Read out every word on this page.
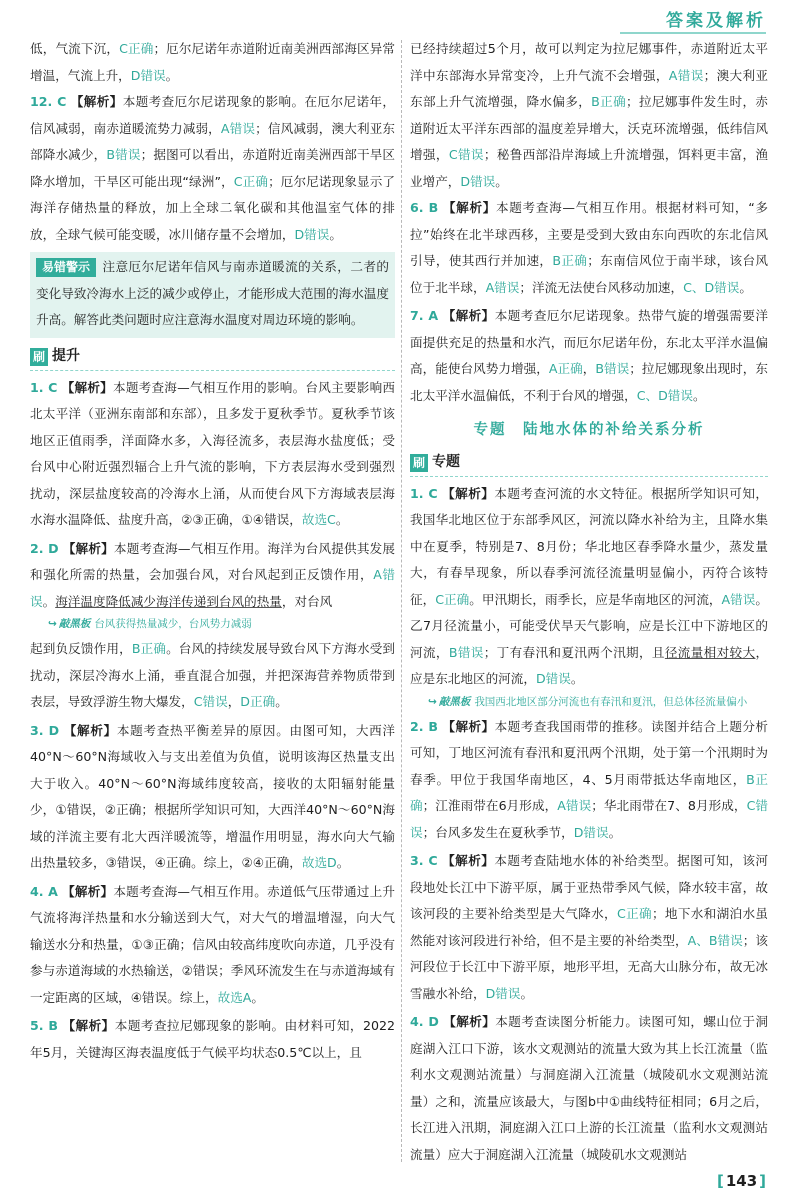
答案及解析

低，气流下沉，C正确；厄尔尼诺年赤道附近南美洲西部海区异常增温，气流上升，D错误。

12. C 【解析】本题考查厄尔尼诺现象的影响。在厄尔尼诺年，信风减弱，南赤道暖流势力减弱，A错误；信风减弱，澳大利亚东部降水减少，B错误；据图可以看出，赤道附近南美洲西部干旱区降水增加，干旱区可能出现“绿洲”，C正确；厄尔尼诺现象显示了海洋存储热量的释放，加上全球二氧化碳和其他温室气体的排放，全球气候可能变暖，冰川储存量不会增加，D错误。

易错警示 注意厄尔尼诺年信风与南赤道暖流的关系，二者的变化导致冷海水上泛的减少或停止，才能形成大范围的海水温度升高。解答此类问题时应注意海水温度对周边环境的影响。

刷 提升

1. C 【解析】本题考查海—气相互作用的影响。台风主要影响西北太平洋（亚洲东南部和东部），且多发于夏秋季节。夏秋季节该地区正值雨季，洋面降水多，入海径流多，表层海水盐度低；受台风中心附近强烈辐合上升气流的影响，下方表层海水受到强烈扰动，深层盐度较高的冷海水上涌，从而使台风下方海域表层海水海水温降低、盐度升高，②③正确，①④错误，故选C。

2. D 【解析】本题考查海—气相互作用。海洋为台风提供其发展和强化所需的热量，会加强台风，对台风起到正反馈作用，A错误。海洋温度降低减少海洋传递到台风的热量，对台风

↪ 敲黑板 台风获得热量减少，台风势力减弱

起到负反馈作用，B正确。台风的持续发展导致台风下方海水受到扰动，深层冷海水上涌，垂直混合加强，并把深海营养物质带到表层，导致浮游生物大爆发，C错误，D正确。

3. D 【解析】本题考查热平衡差异的原因。由图可知，大西洋40°N～60°N海域收入与支出差值为负值，说明该海区热量支出大于收入。40°N～60°N海域纬度较高，接收的太阳辐射能量少，①错误，②正确；根据所学知识可知，大西洋40°N～60°N海域的洋流主要有北大西洋暖流等，增温作用明显，海水向大气输出热量较多，③错误，④正确。综上，②④正确，故选D。

4. A 【解析】本题考查海—气相互作用。赤道低气压带通过上升气流将海洋热量和水分输送到大气，对大气的增温增湿，向大气输送水分和热量，①③正确；信风由较高纬度吹向赤道，几乎没有参与赤道海域的水热输送，②错误；季风环流发生在与赤道海域有一定距离的区域，④错误。综上，故选A。

5. B 【解析】本题考查拉尼娜现象的影响。由材料可知，2022年5月，关键海区海表温度低于气候平均状态0.5℃以上，且

已经持续超过5个月，故可以判定为拉尼娜事件，赤道附近太平洋中东部海水异常变冷，上升气流不会增强，A错误；澳大利亚东部上升气流增强，降水偏多，B正确；拉尼娜事件发生时，赤道附近太平洋东西部的温度差异增大，沃克环流增强，低纬信风增强，C错误；秘鲁西部沿岸海域上升流增强，饵料更丰富，渔业增产，D错误。

6. B 【解析】本题考查海—气相互作用。根据材料可知，“多拉”始终在北半球西移，主要是受到大致由东向西吹的东北信风引导，使其西行并加速，B正确；东南信风位于南半球，该台风位于北半球，A错误；洋流无法使台风移动加速，C、D错误。

7. A 【解析】本题考查厄尔尼诺现象。热带气旋的增强需要洋面提供充足的热量和水汽，而厄尔尼诺年份，东北太平洋水温偏高，能使台风势力增强，A正确，B错误；拉尼娜现象出现时，东北太平洋水温偏低，不利于台风的增强，C、D错误。

专题　陆地水体的补给关系分析
刷 专题

1. C 【解析】本题考查河流的水文特征。根据所学知识可知，我国华北地区位于东部季风区，河流以降水补给为主，且降水集中在夏季，特别是7、8月份；华北地区春季降水量少，蒸发量大，有春旱现象，所以春季河流径流量明显偏小，丙符合该特征，C正确。甲汛期长，雨季长，应是华南地区的河流，A错误。乙7月径流量小，可能受伏旱天气影响，应是长江中下游地区的河流，B错误；丁有春汛和夏汛两个汛期，且径流量相对较大，应是东北地区的河流，D错误。

↪ 敲黑板 我国西北地区部分河流也有春汛和夏汛，但总体径流量偏小

2. B 【解析】本题考查我国雨带的推移。读图并结合上题分析可知，丁地区河流有春汛和夏汛两个汛期，处于第一个汛期时为春季。甲位于我国华南地区，4、5月雨带抵达华南地区，B正确；江淮雨带在6月形成，A错误；华北雨带在7、8月形成，C错误；台风多发生在夏秋季节，D错误。

3. C 【解析】本题考查陆地水体的补给类型。据图可知，该河段地处长江中下游平原，属于亚热带季风气候，降水较丰富，故该河段的主要补给类型是大气降水，C正确；地下水和湖泊水虽然能对该河段进行补给，但不是主要的补给类型，A、B错误；该河段位于长江中下游平原，地形平坦，无高大山脉分布，故无冰雪融水补给，D错误。

4. D 【解析】本题考查读图分析能力。读图可知，螺山位于洞庭湖入江口下游，该水文观测站的流量大致为其上长江流量（监利水文观测站流量）与洞庭湖入江流量（城陵矶水文观测站流量）之和，流量应该最大，与图b中①曲线特征相同；6月之后，长江进入汛期，洞庭湖入江口上游的长江流量（监利水文观测站流量）应大于洞庭湖入江流量（城陵矶水文观测站

[ 143 ]
